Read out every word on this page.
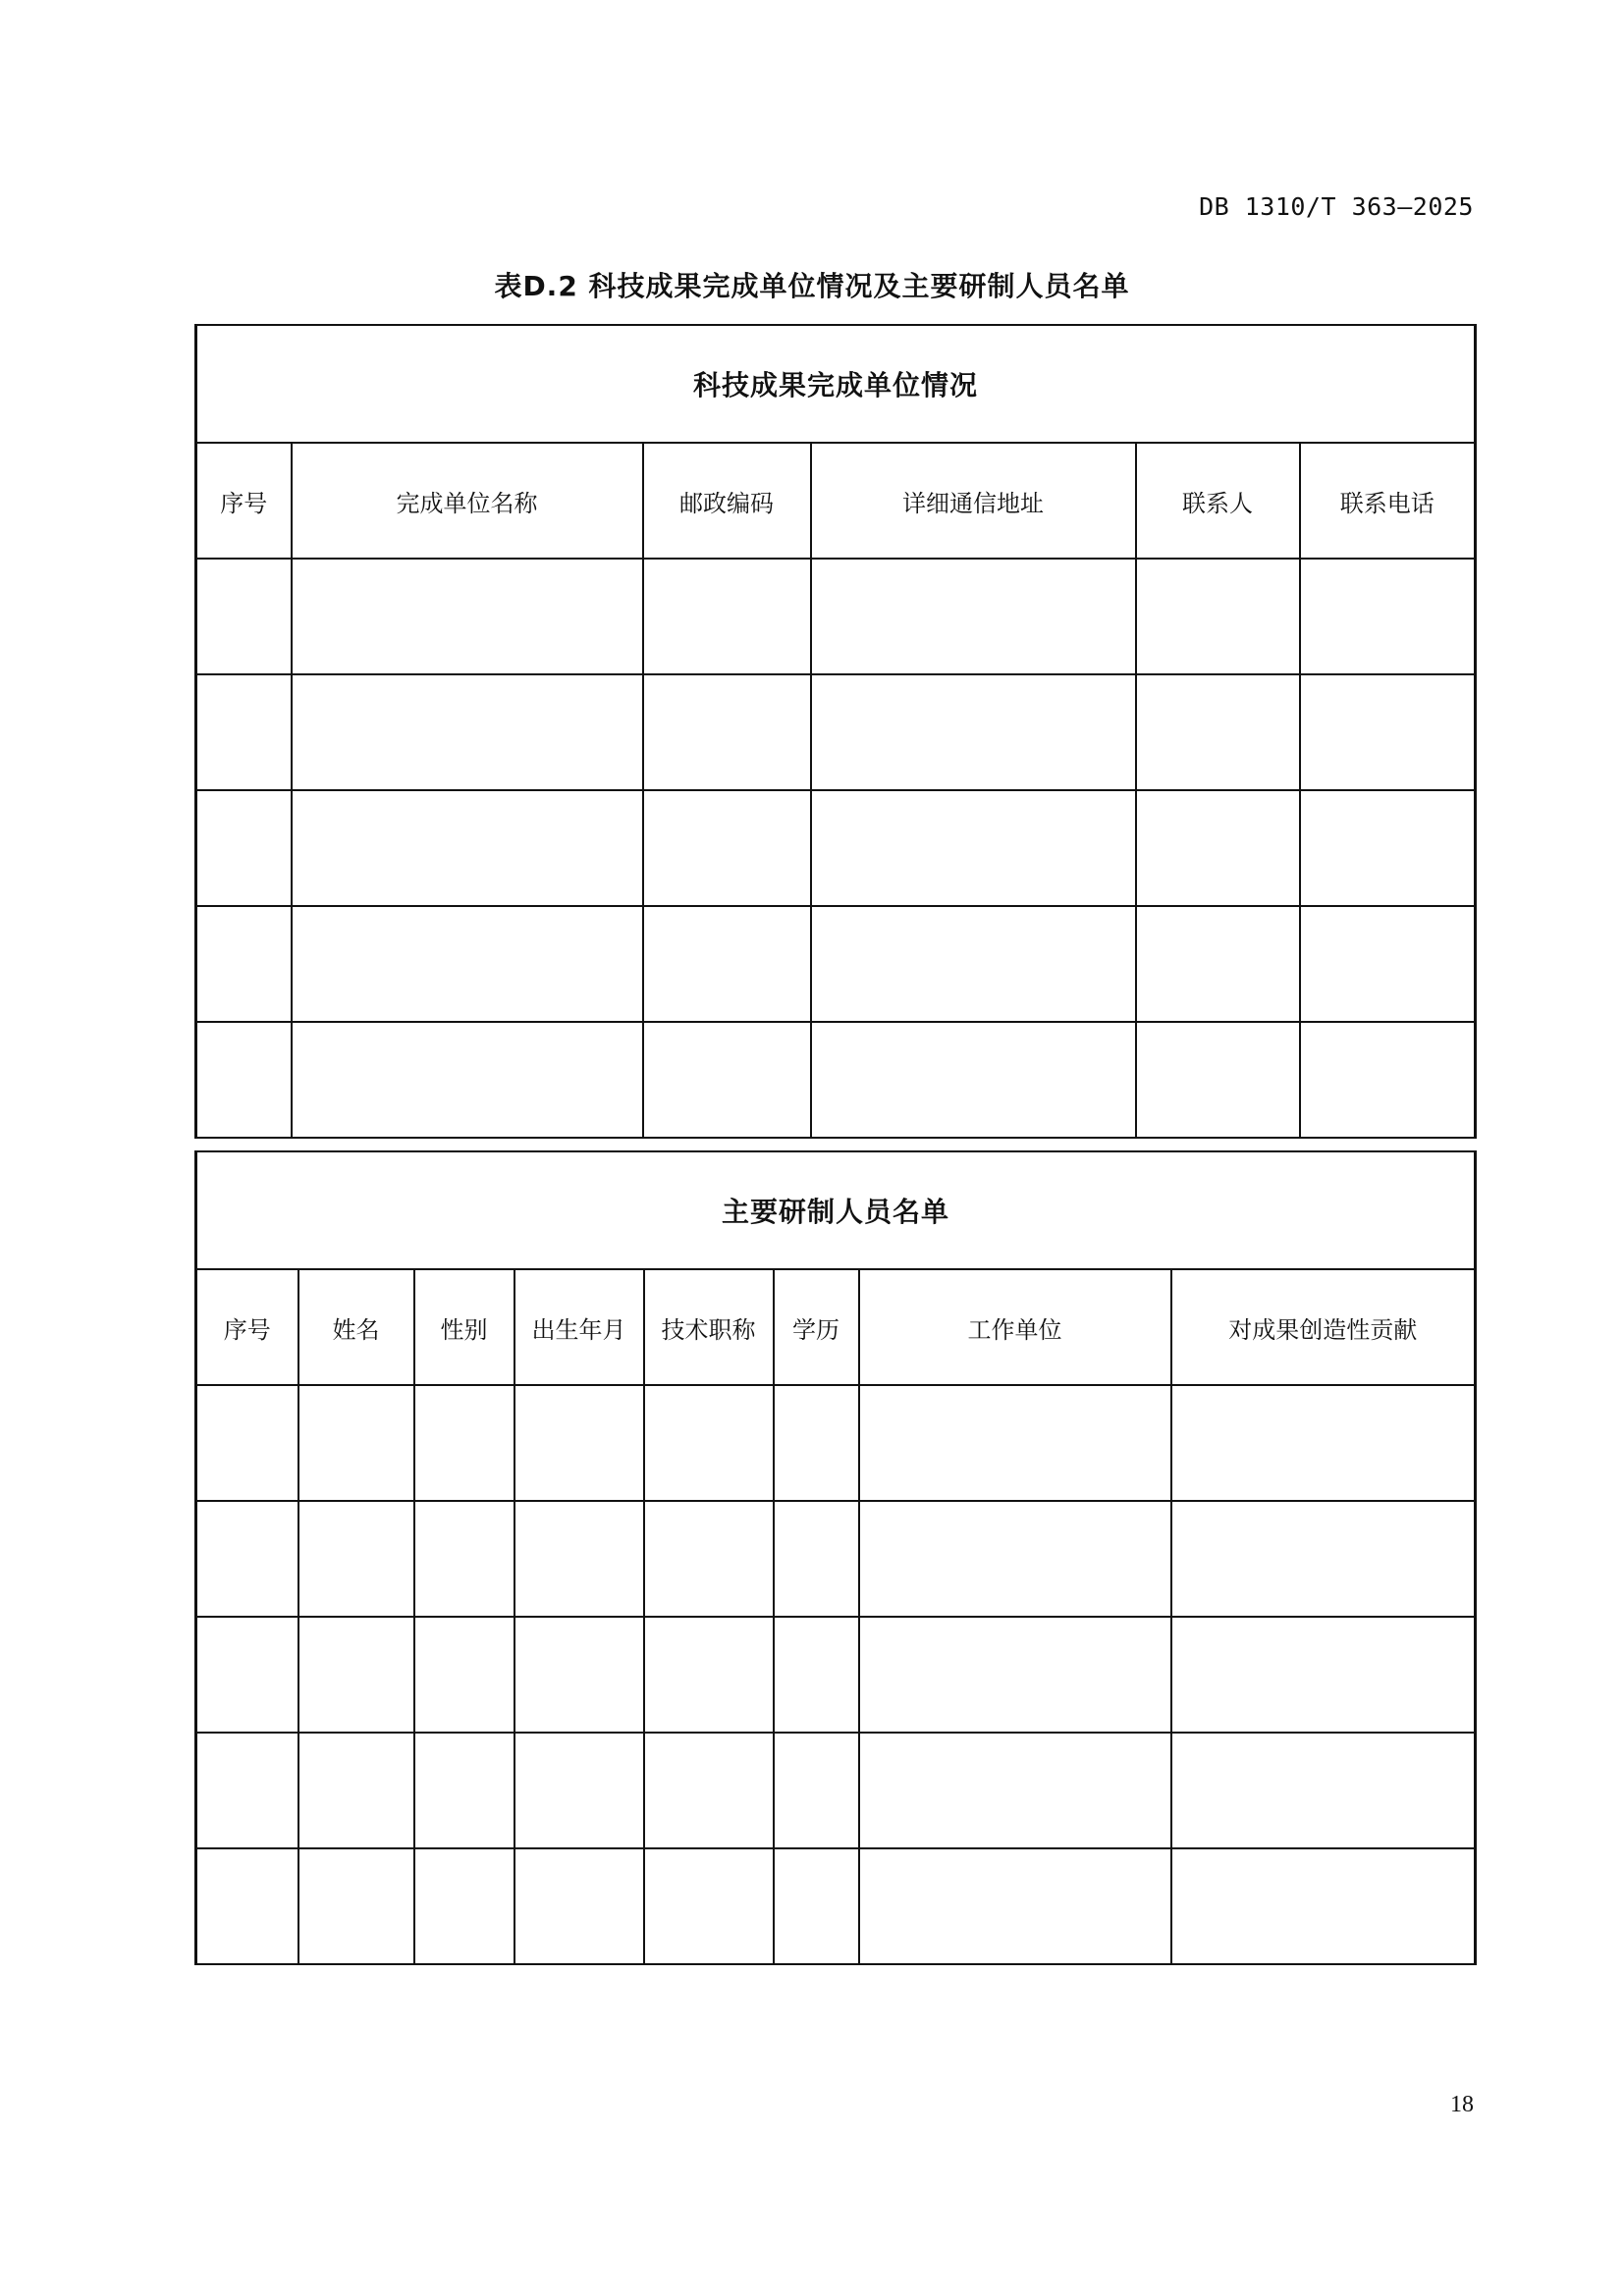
DB 1310/T 363—2025
表D.2 科技成果完成单位情况及主要研制人员名单
科技成果完成单位情况					
序号	完成单位名称	邮政编码	详细通信地址	联系人	联系电话

主要研制人员名单							
序号	姓名	性别	出生年月	技术职称	学历	工作单位	对成果创造性贡献

18
